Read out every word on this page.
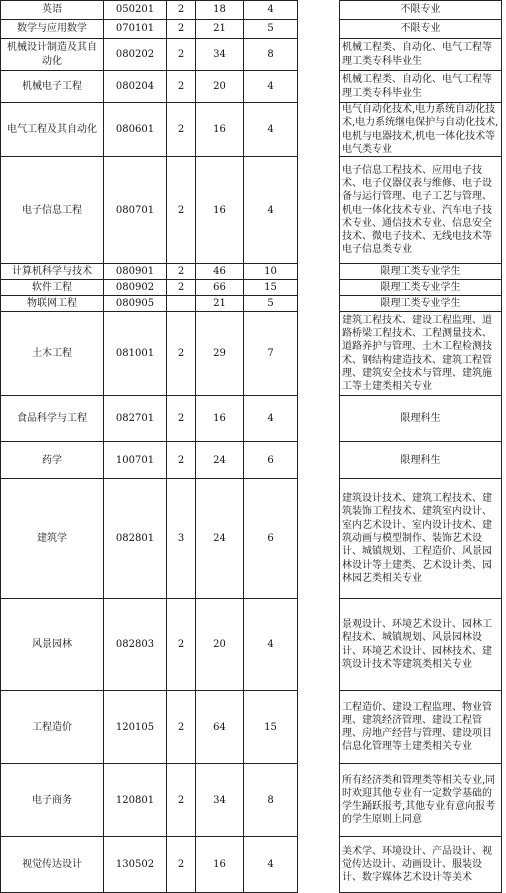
英语	050201	2	18	4		不限专业
数学与应用数学	070101	2	21	5		不限专业
机械设计制造及其自动化	080202	2	34	8		机械工程类、自动化、电气工程等理工类专科毕业生
机械电子工程	080204	2	20	4		机械工程类、自动化、电气工程等理工类专科毕业生
电气工程及其自动化	080601	2	16	4		电气自动化技术,电力系统自动化技术,电力系统继电保护与自动化技术,电机与电器技术,机电一体化技术等电气类专业
电子信息工程	080701	2	16	4		电子信息工程技术、应用电子技术、电子仪器仪表与维修、电子设备与运行管理、电子工艺与管理、机电一体化技术专业、汽车电子技术专业、通信技术专业、信息安全技术、微电子技术、无线电技术等电子信息类专业
计算机科学与技术	080901	2	46	10		限理工类专业学生
软件工程	080902	2	66	15		限理工类专业学生
物联网工程	080905		21	5		限理工类专业学生
土木工程	081001	2	29	7		建筑工程技术、建设工程监理、道路桥梁工程技术、工程测量技术、道路养护与管理、土木工程检测技术、钢结构建造技术、建筑工程管理、建筑安全技术与管理、建筑施工等土建类相关专业
食品科学与工程	082701	2	16	4		限理科生
药学	100701	2	24	6		限理科生
建筑学	082801	3	24	6		建筑设计技术、建筑工程技术、建筑装饰工程技术、建筑室内设计、室内艺术设计、室内设计技术、建筑动画与模型制作、装饰艺术设计、城镇规划、工程造价、风景园林设计等土建类、艺术设计类、园林园艺类相关专业
风景园林	082803	2	20	4		景观设计、环境艺术设计、园林工程技术、城镇规划、风景园林设计、环境艺术设计、园林技术、建筑设计技术等建筑类相关专业
工程造价	120105	2	64	15		工程造价、建设工程监理、物业管理、建筑经济管理、建设工程管理、房地产经营与管理、建设项目信息化管理等土建类相关专业
电子商务	120801	2	34	8		所有经济类和管理类等相关专业,同时欢迎其他专业有一定数学基础的学生踊跃报考,其他专业有意向报考的学生原则上同意
视觉传达设计	130502	2	16	4		美术学、环境设计、产品设计、视觉传达设计、动画设计、服装设计、数字媒体艺术设计等美术
